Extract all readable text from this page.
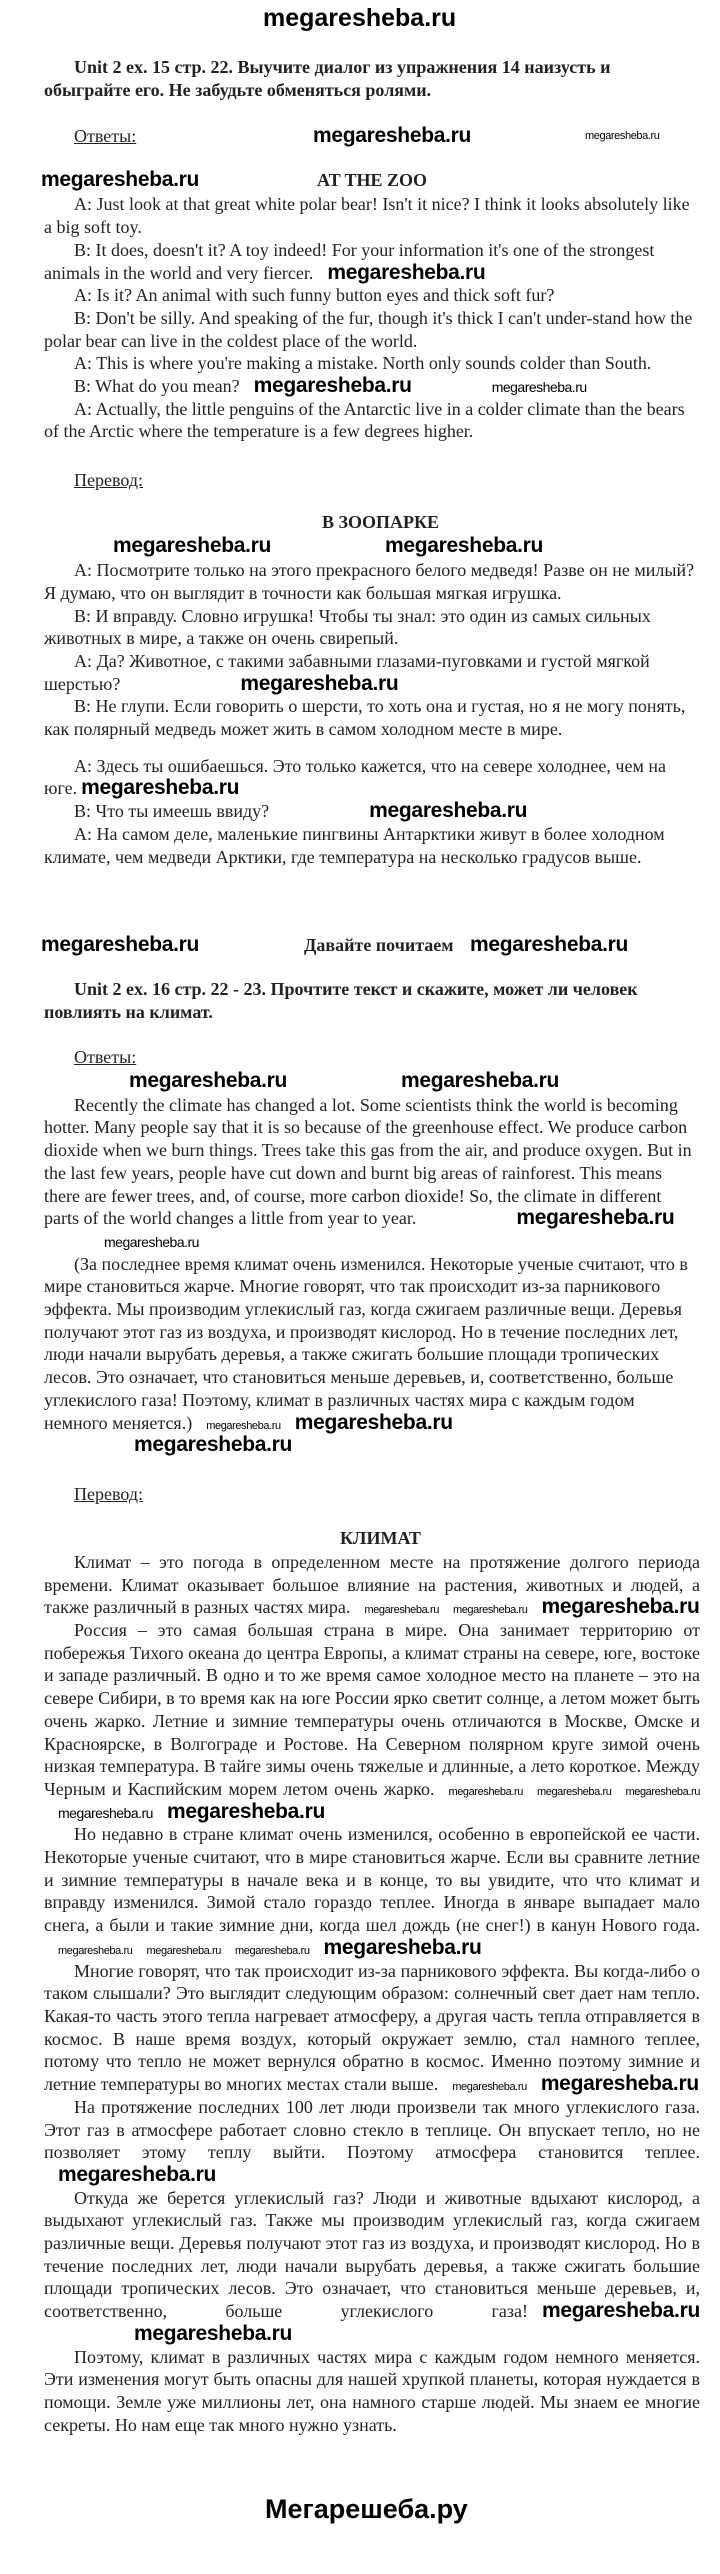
megaresheba.ru

Unit 2 ex. 15 стр. 22. Выучите диалог из упражнения 14 наизусть и обыграйте его. Не забудьте обменяться ролями.

Ответы:	megaresheba.ru	megaresheba.ru
megaresheba.ru	AT THE ZOO

A: Just look at that great white polar bear! Isn't it nice? I think it looks absolutely like a big soft toy.

B: It does, doesn't it? A toy indeed! For your information it's one of the strongest animals in the world and very fiercer. megaresheba.ru

A: Is it? An animal with such funny button eyes and thick soft fur?

B: Don't be silly. And speaking of the fur, though it's thick I can't under-stand how the polar bear can live in the coldest place of the world.

A: This is where you're making a mistake. North only sounds colder than South.

B: What do you mean? megaresheba.ru	megaresheba.ru

A: Actually, the little penguins of the Antarctic live in a colder climate than the bears of the Arctic where the temperature is a few degrees higher.

Перевод:
В ЗООПАРКЕ
megaresheba.ru	megaresheba.ru

А: Посмотрите только на этого прекрасного белого медведя! Разве он не милый? Я думаю, что он выглядит в точности как большая мягкая игрушка.

В: И вправду. Словно игрушка! Чтобы ты знал: это один из самых сильных животных в мире, а также он очень свирепый.

А: Да? Животное, с такими забавными глазами-пуговками и густой мягкой шерстью?	megaresheba.ru

В: Не глупи. Если говорить о шерсти, то хоть она и густая, но я не могу понять, как полярный медведь может жить в самом холодном месте в мире.

А: Здесь ты ошибаешься. Это только кажется, что на севере холоднее, чем на юге. megaresheba.ru

В: Что ты имеешь ввиду?	megaresheba.ru

А: На самом деле, маленькие пингвины Антарктики живут в более холодном климате, чем медведи Арктики, где температура на несколько градусов выше.

megaresheba.ru	Давайте почитаем megaresheba.ru

Unit 2 ex. 16 стр. 22 - 23. Прочтите текст и скажите, может ли человек повлиять на климат.

Ответы:
megaresheba.ru	megaresheba.ru

Recently the climate has changed a lot. Some scientists think the world is becoming hotter. Many people say that it is so because of the greenhouse effect. We produce carbon dioxide when we burn things. Trees take this gas from the air, and produce oxygen. But in the last few years, people have cut down and burnt big areas of rainforest. This means there are fewer trees, and, of course, more carbon dioxide! So, the climate in different parts of the world changes a little from year to year.	megaresheba.rumegaresheba.ru

(За последнее время климат очень изменился. Некоторые ученые считают, что в мире становиться жарче. Многие говорят, что так происходит из-за парникового эффекта. Мы производим углекислый газ, когда сжигаем различные вещи. Деревья получают этот газ из воздуха, и производят кислород. Но в течение последних лет, люди начали вырубать деревья, а также сжигать большие площади тропических лесов. Это означает, что становиться меньше деревьев, и, соответственно, больше углекислого газа! Поэтому, климат в различных частях мира с каждым годом немного меняется.) megaresheba.ru megaresheba.rumegaresheba.ru

Перевод:
КЛИМАТ

Климат – это погода в определенном месте на протяжение долгого периода времени. Климат оказывает большое влияние на растения, животных и людей, а также различный в разных частях мира. megaresheba.ru megaresheba.ru megaresheba.ru

Россия – это самая большая страна в мире. Она занимает территорию от побережья Тихого океана до центра Европы, а климат страны на севере, юге, востоке и западе различный. В одно и то же время самое холодное место на планете – это на севере Сибири, в то время как на юге России ярко светит солнце, а летом может быть очень жарко. Летние и зимние температуры очень отличаются в Москве, Омске и Красноярске, в Волгограде и Ростове. На Северном полярном круге зимой очень низкая температура. В тайге зимы очень тяжелые и длинные, а лето короткое. Между Черным и Каспийским морем летом очень жарко. megaresheba.ru megaresheba.ru megaresheba.rumegaresheba.ru megaresheba.ru

Но недавно в стране климат очень изменился, особенно в европейской ее части. Некоторые ученые считают, что в мире становиться жарче. Если вы сравните летние и зимние температуры в начале века и в конце, то вы увидите, что что климат и вправду изменился. Зимой стало гораздо теплее. Иногда в январе выпадает мало снега, а были и такие зимние дни, когда шел дождь (не снег!) в канун Нового года.megaresheba.ru megaresheba.ru megaresheba.ru megaresheba.ru

Многие говорят, что так происходит из-за парникового эффекта. Вы когда-либо о таком слышали? Это выглядит следующим образом: солнечный свет дает нам тепло. Какая-то часть этого тепла нагревает атмосферу, а другая часть тепла отправляется в космос. В наше время воздух, который окружает землю, стал намного теплее, потому что тепло не может вернулся обратно в космос. Именно поэтому зимние и летние температуры во многих местах стали выше. megaresheba.ru megaresheba.ru

На протяжение последних 100 лет люди произвели так много углекислого газа. Этот газ в атмосфере работает словно стекло в теплице. Он впускает тепло, но не позволяет этому теплу выйти. Поэтому атмосфера становится теплее.megaresheba.ru

Откуда же берется углекислый газ? Люди и животные вдыхают кислород, а выдыхают углекислый газ. Также мы производим углекислый газ, когда сжигаем различные вещи. Деревья получают этот газ из воздуха, и производят кислород. Но в течение последних лет, люди начали вырубать деревья, а также сжигать большие площади тропических лесов. Это означает, что становиться меньше деревьев, и, соответственно, больше углекислого газа! megaresheba.rumegaresheba.ru

Поэтому, климат в различных частях мира с каждым годом немного меняется. Эти изменения могут быть опасны для нашей хрупкой планеты, которая нуждается в помощи. Земле уже миллионы лет, она намного старше людей. Мы знаем ее многие секреты. Но нам еще так много нужно узнать.

Мегарешеба.ру
